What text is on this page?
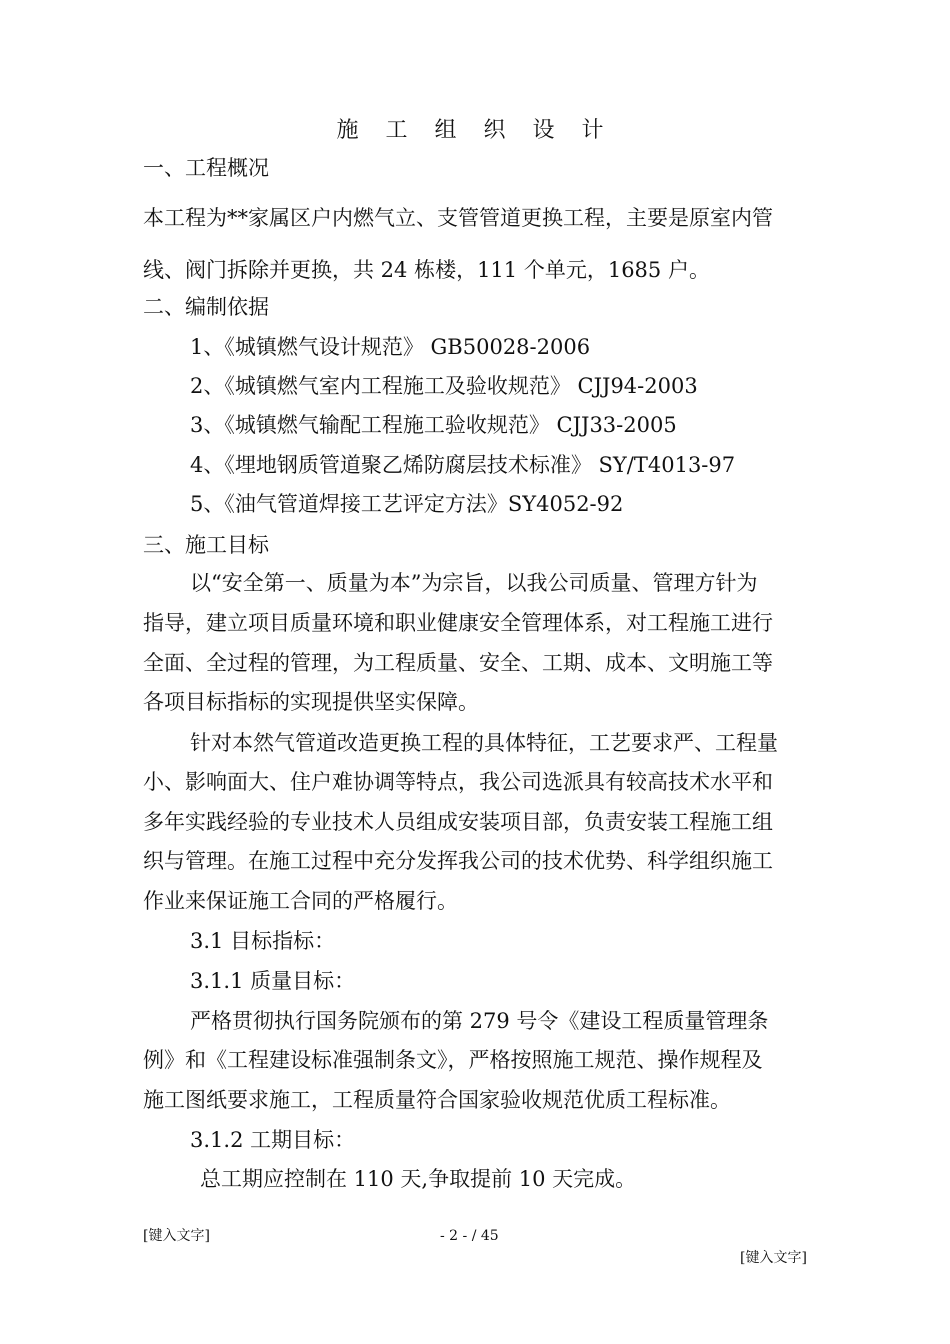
施 工 组 织 设 计
一、工程概况
本工程为**家属区户内燃气立、支管管道更换工程，主要是原室内管
线、阀门拆除并更换，共 24 栋楼，111 个单元，1685 户。
二、编制依据
1、《城镇燃气设计规范》 GB50028-2006
2、《城镇燃气室内工程施工及验收规范》 CJJ94-2003
3、《城镇燃气输配工程施工验收规范》 CJJ33-2005
4、《埋地钢质管道聚乙烯防腐层技术标准》 SY/T4013-97
5、《油气管道焊接工艺评定方法》SY4052-92
三、施工目标
以“安全第一、质量为本”为宗旨，以我公司质量、管理方针为
指导，建立项目质量环境和职业健康安全管理体系，对工程施工进行
全面、全过程的管理，为工程质量、安全、工期、成本、文明施工等
各项目标指标的实现提供坚实保障。
针对本然气管道改造更换工程的具体特征，工艺要求严、工程量
小、影响面大、住户难协调等特点，我公司选派具有较高技术水平和
多年实践经验的专业技术人员组成安装项目部，负责安装工程施工组
织与管理。在施工过程中充分发挥我公司的技术优势、科学组织施工
作业来保证施工合同的严格履行。
3.1 目标指标：
3.1.1 质量目标：
严格贯彻执行国务院颁布的第 279 号令《建设工程质量管理条
例》和《工程建设标准强制条文》，严格按照施工规范、操作规程及
施工图纸要求施工，工程质量符合国家验收规范优质工程标准。
3.1.2 工期目标：
总工期应控制在 110 天,争取提前 10 天完成。
[键入文字]	- 2 - / 45
[键入文字]
